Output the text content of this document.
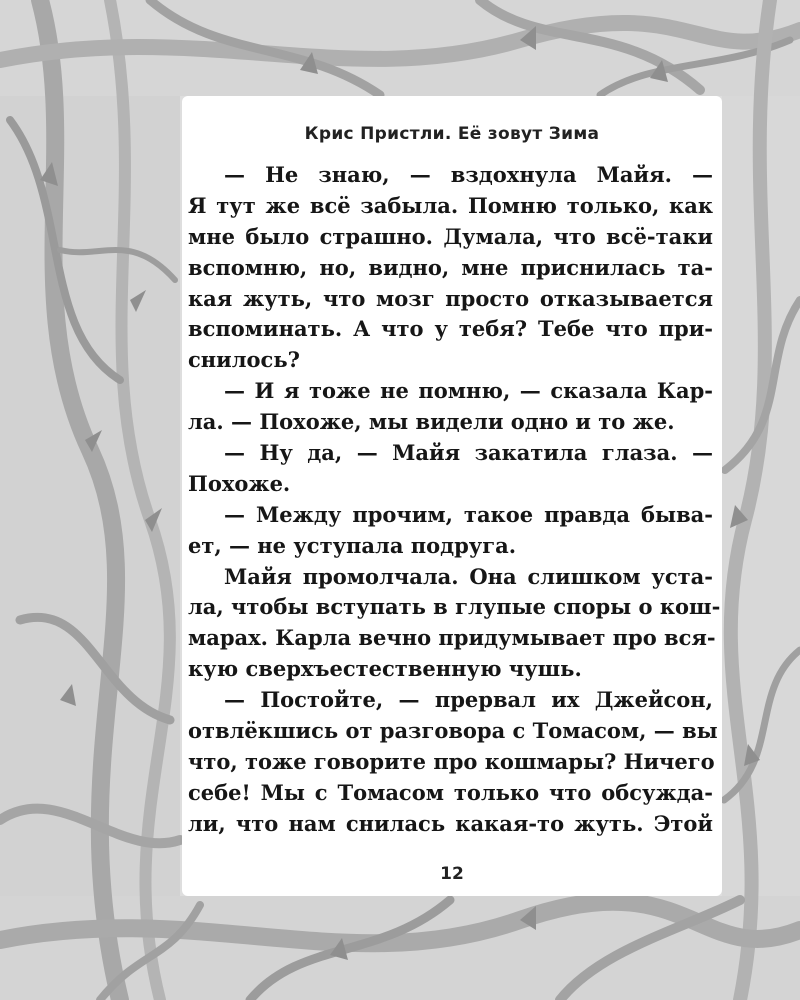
Крис Пристли. Её зовут Зима
— Не знаю, — вздохнула Майя. —
Я тут же всё забыла. Помню только, как
мне было страшно. Думала, что всё-таки
вспомню, но, видно, мне приснилась та-
кая жуть, что мозг просто отказывается
вспоминать. А что у тебя? Тебе что при-
снилось?
— И я тоже не помню, — сказала Кар-
ла. — Похоже, мы видели одно и то же.
— Ну да, — Майя закатила глаза. —
Похоже.
— Между прочим, такое правда быва-
ет, — не уступала подруга.
Майя промолчала. Она слишком уста-
ла, чтобы вступать в глупые споры о кош-
марах. Карла вечно придумывает про вся-
кую сверхъестественную чушь.
— Постойте, — прервал их Джейсон,
отвлёкшись от разговора с Томасом, — вы
что, тоже говорите про кошмары? Ничего
себе! Мы с Томасом только что обсужда-
ли, что нам снилась какая-то жуть. Этой
12
